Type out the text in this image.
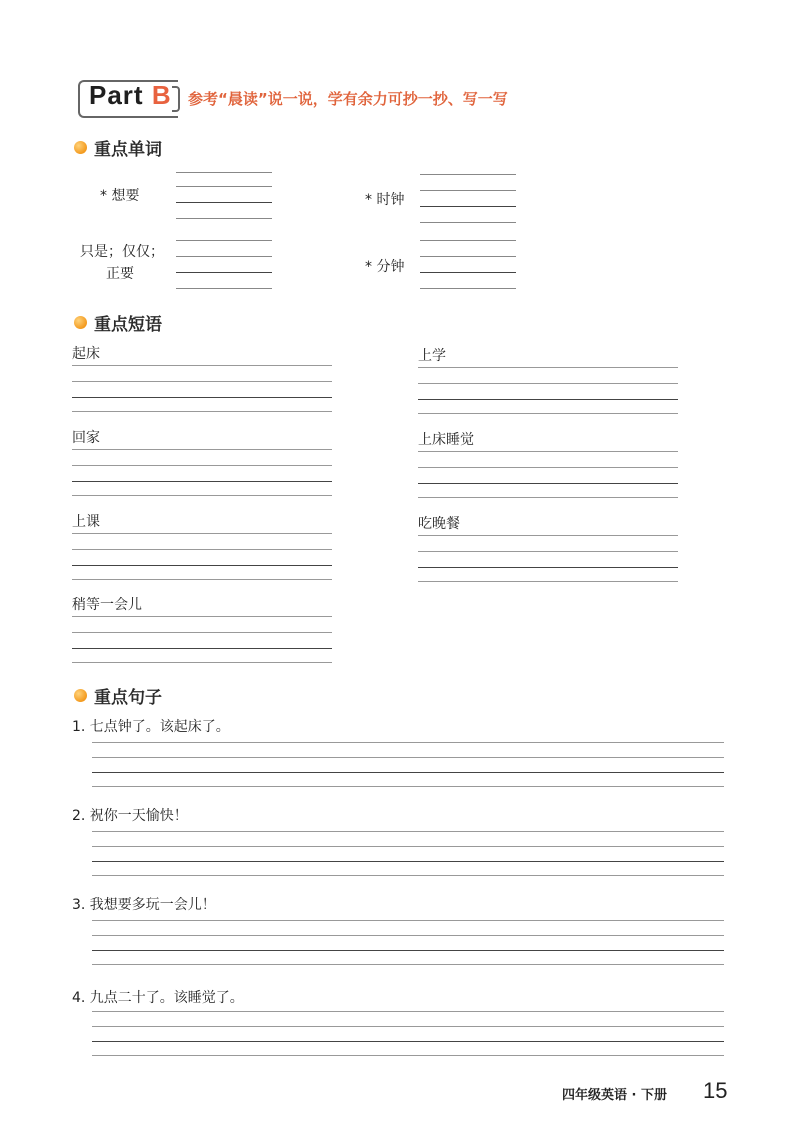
Part B 参考“晨读”说一说，学有余力可抄一抄、写一写
重点单词
* 想要	* 时钟
只是；仅仅；
正要	* 分钟
重点短语
起床	上学
回家	上床睡觉
上课	吃晚餐
稍等一会儿
重点句子
1. 七点钟了。该起床了。
2. 祝你一天愉快！
3. 我想要多玩一会儿！
4. 九点二十了。该睡觉了。
四年级英语 · 下册 15
